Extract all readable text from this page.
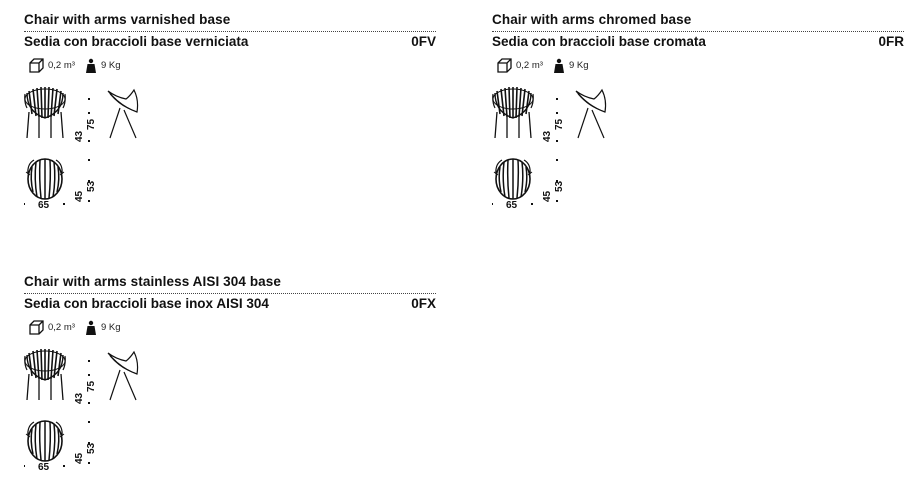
Chair with arms varnished base
Sedia con braccioli base verniciata	0FV
0,2 m³	9 Kg
43
75
45
53
65
Chair with arms chromed base
Sedia con braccioli base cromata	0FR
0,2 m³	9 Kg
43
75
45
53
65
Chair with arms stainless AISI 304 base
Sedia con braccioli base inox AISI 304	0FX
0,2 m³	9 Kg
43
75
45
53
65
